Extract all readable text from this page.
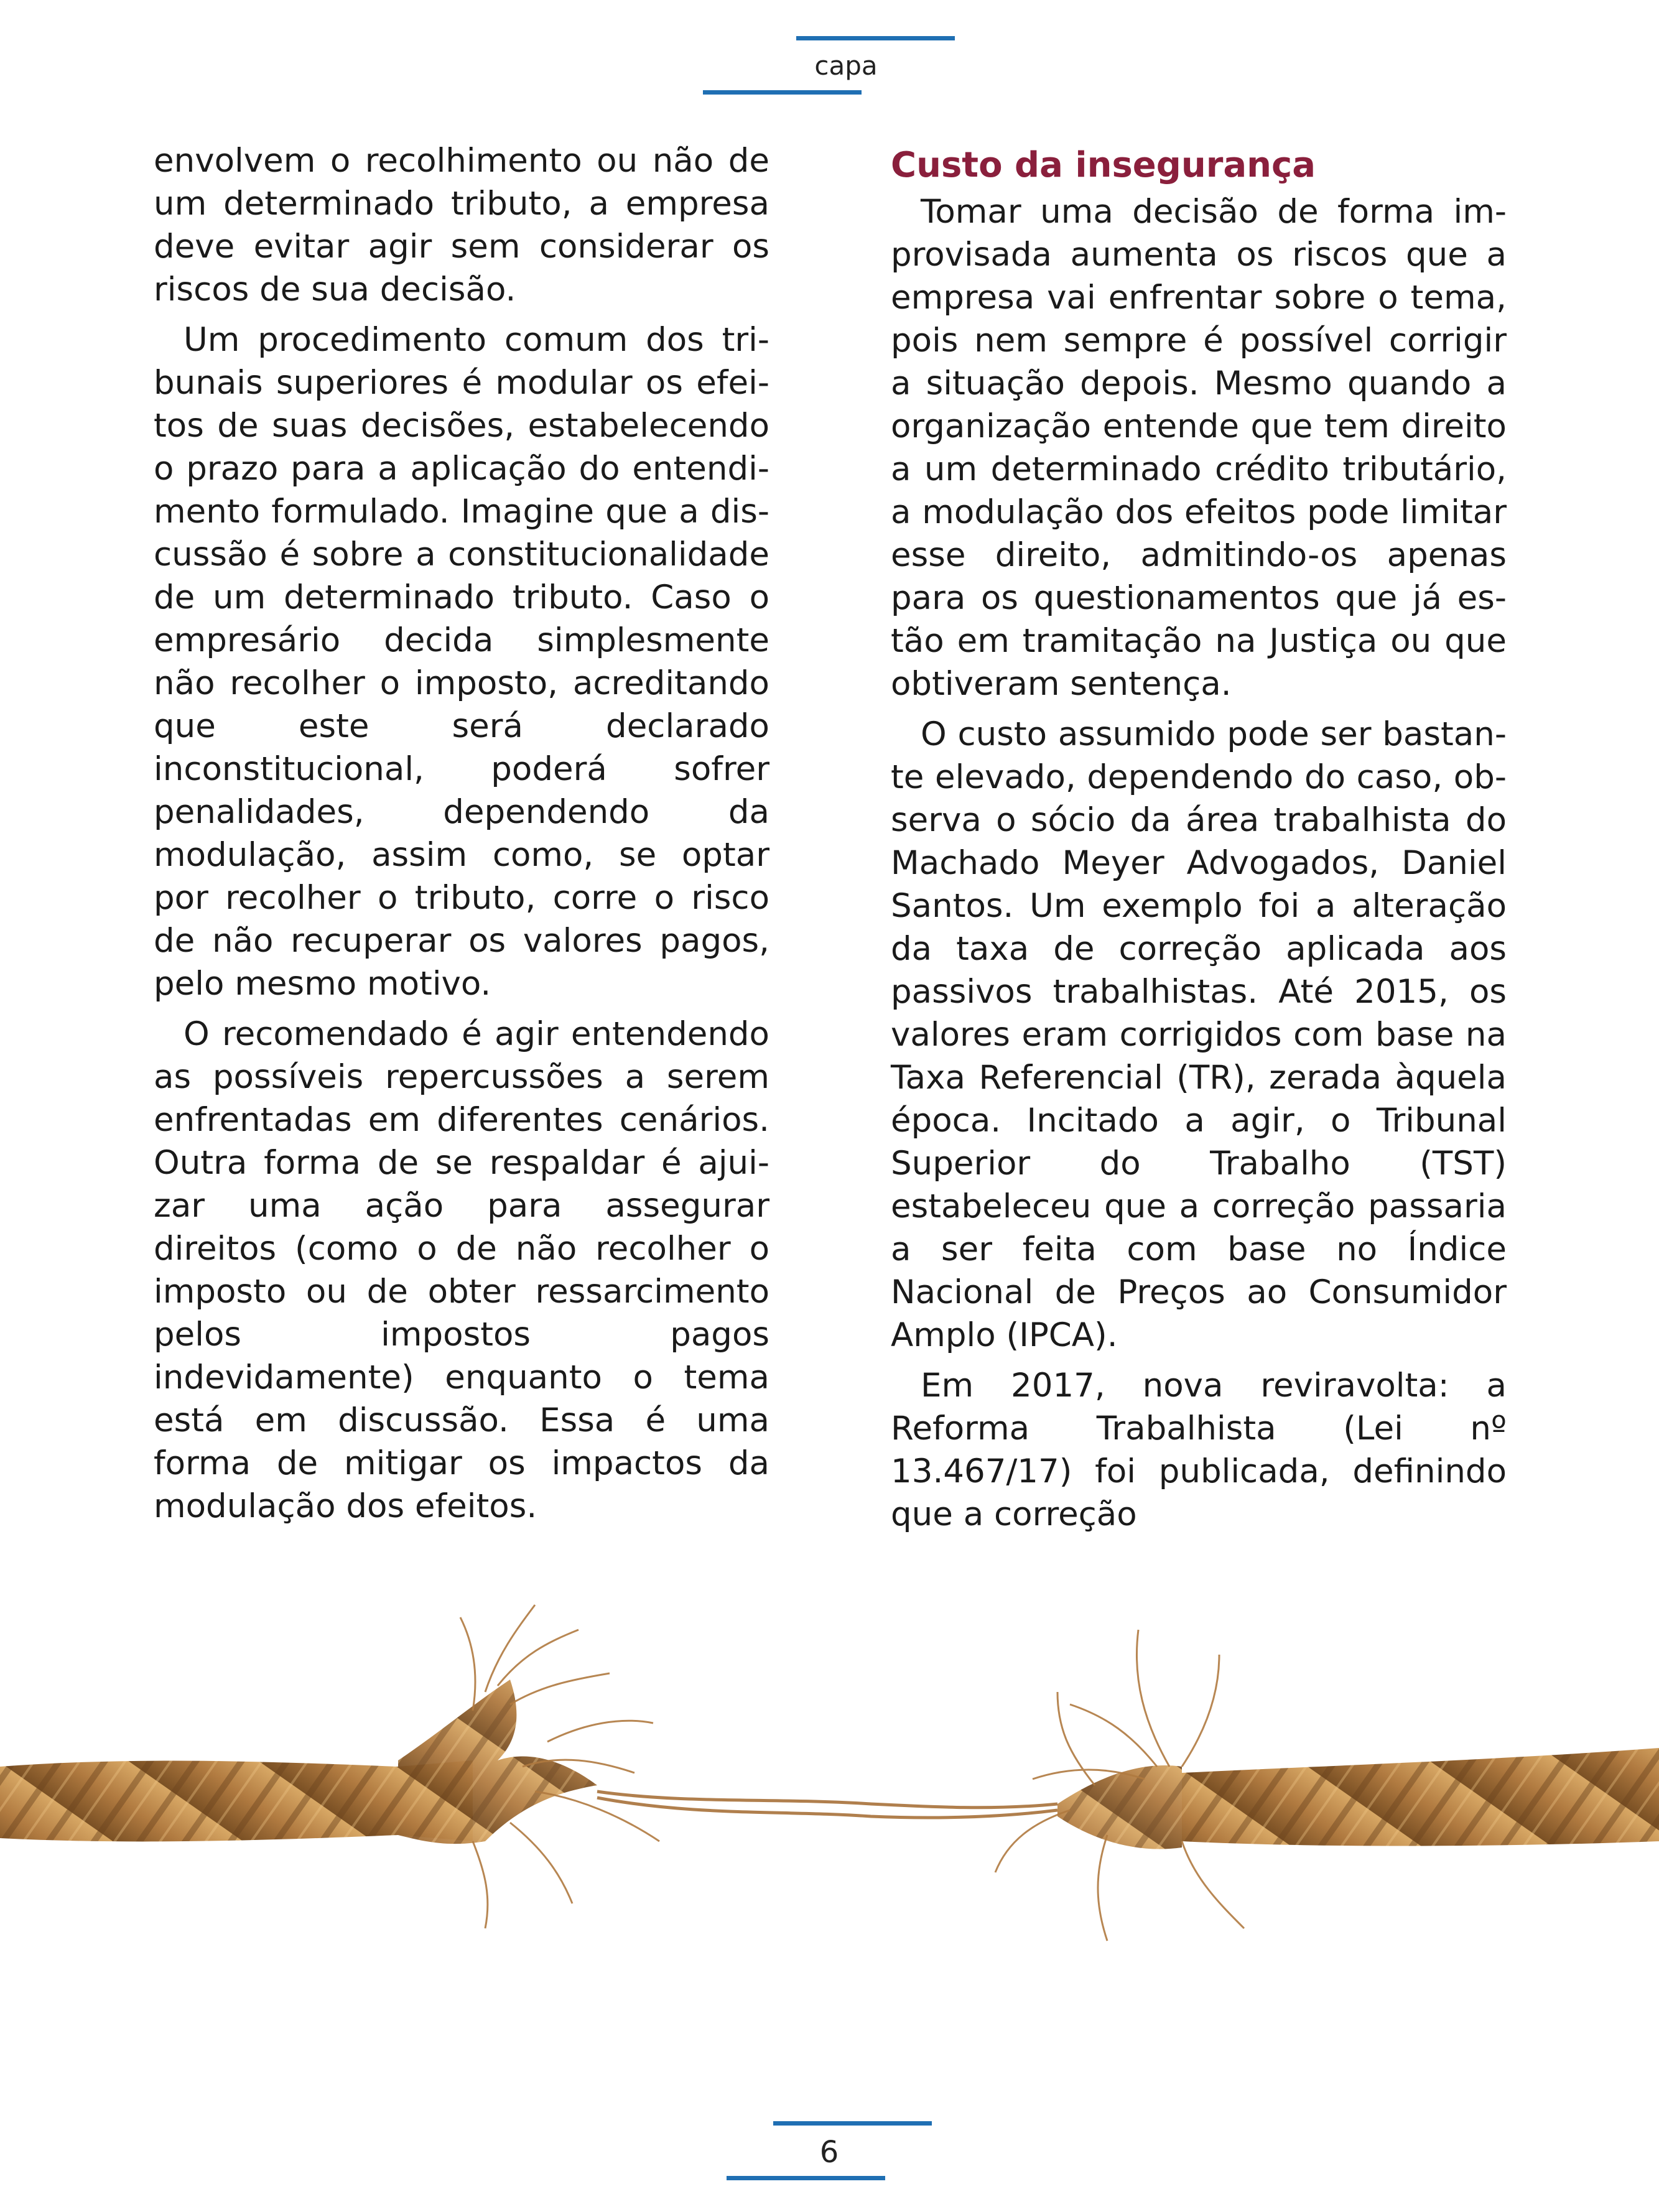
capa

envolvem o recolhimento ou não de um determinado tributo, a empresa deve evitar agir sem considerar os riscos de sua decisão.

Um procedimento comum dos tribunais superiores é modular os efeitos de suas decisões, estabelecendo o prazo para a aplicação do entendimento formulado. Imagine que a discussão é sobre a constitucionalidade de um determinado tributo. Caso o empresário decida simplesmente não recolher o imposto, acreditando que este será declarado inconstitucional, poderá sofrer penalidades, dependendo da modulação, assim como, se optar por recolher o tributo, corre o risco de não recuperar os valores pagos, pelo mesmo motivo.

O recomendado é agir entendendo as possíveis repercussões a serem enfrentadas em diferentes cenários. Outra forma de se respaldar é ajuizar uma ação para assegurar direitos (como o de não recolher o imposto ou de obter ressarcimento pelos impostos pagos indevidamente) enquanto o tema está em discussão. Essa é uma forma de mitigar os impactos da modulação dos efeitos.

Custo da insegurança

Tomar uma decisão de forma improvisada aumenta os riscos que a empresa vai enfrentar sobre o tema, pois nem sempre é possível corrigir a situação depois. Mesmo quando a organização entende que tem direito a um determinado crédito tributário, a modulação dos efeitos pode limitar esse direito, admitindo-os apenas para os questionamentos que já estão em tramitação na Justiça ou que obtiveram sentença.

O custo assumido pode ser bastante elevado, dependendo do caso, observa o sócio da área trabalhista do Machado Meyer Advogados, Daniel Santos. Um exemplo foi a alteração da taxa de correção aplicada aos passivos trabalhistas. Até 2015, os valores eram corrigidos com base na Taxa Referencial (TR), zerada àquela época. Incitado a agir, o Tribunal Superior do Trabalho (TST) estabeleceu que a correção passaria a ser feita com base no Índice Nacional de Preços ao Consumidor Amplo (IPCA).

Em 2017, nova reviravolta: a Reforma Trabalhista (Lei nº 13.467/17) foi publicada, definindo que a correção

6
